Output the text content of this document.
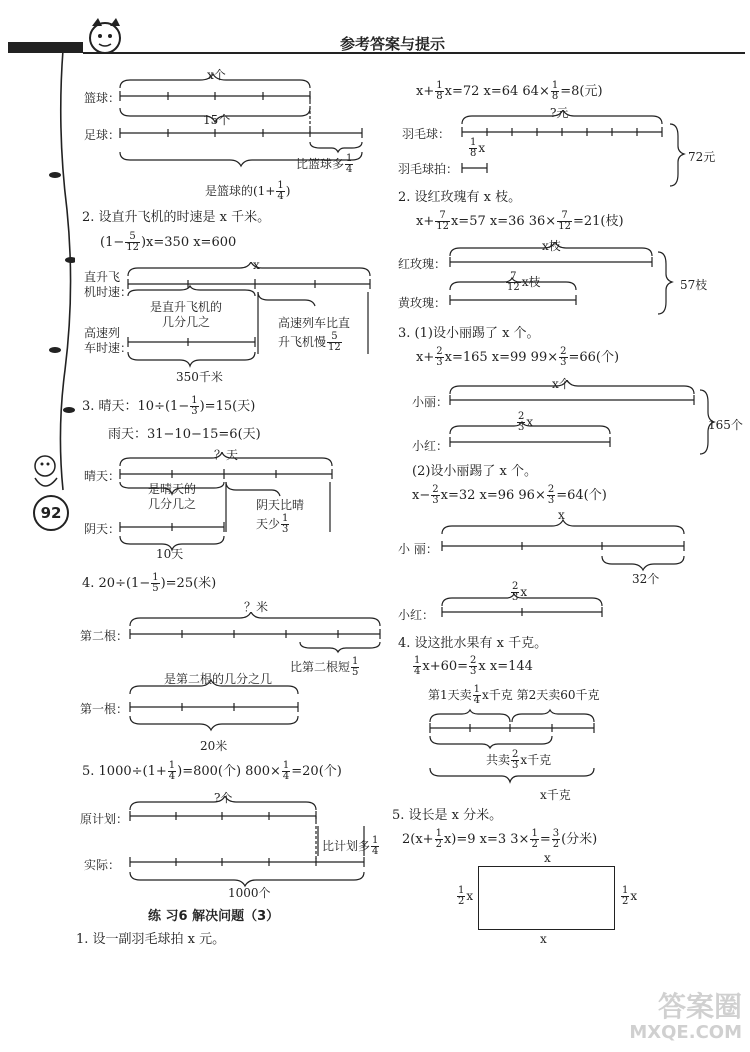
参考答案与提示
92
x个
篮球：
15个
足球：
比篮球多 $\frac{1}{4}$
是篮球的($1+ \frac{1}{4}$ )
2. 设直升飞机的时速是 x 千米。
$(1- \frac{5}{12} )x=350$ x=600
x
直升飞
机时速：
是直升飞机的
几分几之	高速列车比直
升飞机慢 $\frac{5}{12}$
高速列
车时速：
350千米
3. 晴天：$10\div(1- \frac{1}{3} )=15$(天)
雨天：31−10−15=6(天)
？天
晴天：
是晴天的
几分几之	阴天比晴
天少 $\frac{1}{3}$
阴天：
10天
4. $20\div(1- \frac{1}{5} )=25$(米)
？米
第二根：
比第二根短 $\frac{1}{5}$
是第二根的几分之几
第一根：
20米
5. $1000\div(1+ \frac{1}{4} )=800$(个) $800\times \frac{1}{4} =20$(个)
?个
原计划：
比计划多 $\frac{1}{4}$
实际：
1000个
练 习6 解决问题（3）
1. 设一副羽毛球拍 x 元。
$x+ \frac{1}{8} x=72$ x=64 $64\times \frac{1}{8} =8$(元)
?元
羽毛球：
$\frac{1}{8}$ x
羽毛球拍：
72元
2. 设红玫瑰有 x 枝。
$x+ \frac{7}{12} x=57$ x=36 $36\times \frac{7}{12} =21$(枝)
x枝
红玫瑰：
$\frac{7}{12}$ x枝
黄玫瑰：
57枝
3. (1)设小丽踢了 x 个。
$x+ \frac{2}{3} x=165$ x=99 $99\times \frac{2}{3} =66$(个)
x个
小丽：
$\frac{2}{3}$ x
小红：
165个
(2)设小丽踢了 x 个。
$x- \frac{2}{3} x=32$ x=96 $96\times \frac{2}{3} =64$(个)
x
小 丽：
32个
$\frac{2}{3}$ x
小红：
4. 设这批水果有 x 千克。
$\frac{1}{4} x+60= \frac{2}{3}$ x x=144
第1天卖 $\frac{1}{4}$ x千克 第2天卖60千克
共卖 $\frac{2}{3}$ x千克
x千克
5. 设长是 x 分米。
$2(x+ \frac{1}{2} x)=9$ x=3 $3\times \frac{1}{2} = \frac{3}{2}$ (分米)
x
$\frac{1}{2}$ x	$\frac{1}{2}$ x
x
答案圈
MXQE.COM
